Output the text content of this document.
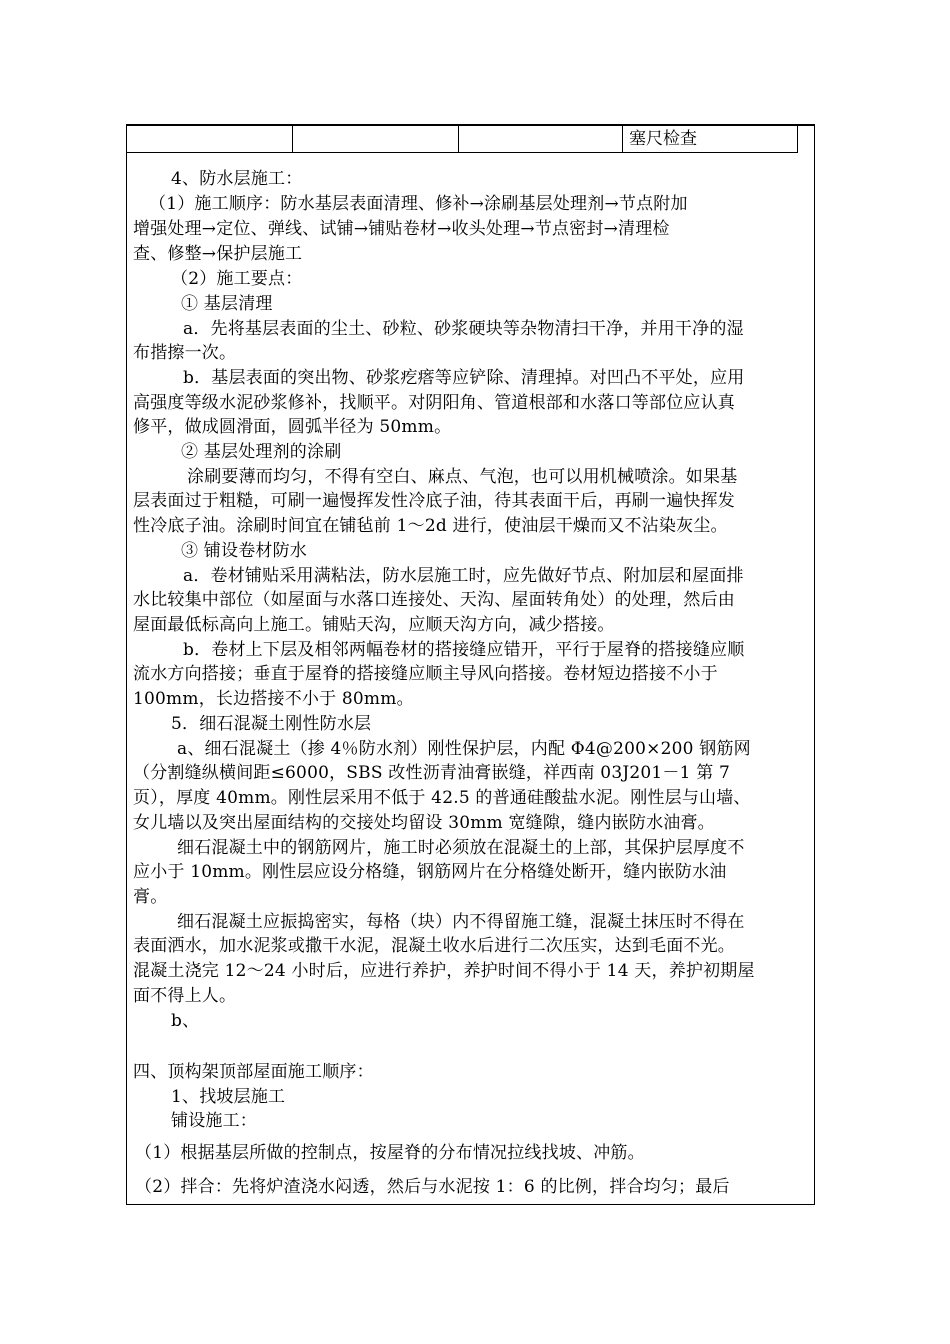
塞尺检查
4、防水层施工：
（1）施工顺序：防水基层表面清理、修补→涂刷基层处理剂→节点附加
增强处理→定位、弹线、试铺→铺贴卷材→收头处理→节点密封→清理检
查、修整→保护层施工
（2）施工要点：
① 基层清理
a．先将基层表面的尘土、砂粒、砂浆硬块等杂物清扫干净，并用干净的湿
布揩擦一次。
b．基层表面的突出物、砂浆疙瘩等应铲除、清理掉。对凹凸不平处，应用
高强度等级水泥砂浆修补，找顺平。对阴阳角、管道根部和水落口等部位应认真
修平，做成圆滑面，圆弧半径为 50mm。
② 基层处理剂的涂刷
涂刷要薄而均匀，不得有空白、麻点、气泡，也可以用机械喷涂。如果基
层表面过于粗糙，可刷一遍慢挥发性冷底子油，待其表面干后，再刷一遍快挥发
性冷底子油。涂刷时间宜在铺毡前 1～2d 进行，使油层干燥而又不沾染灰尘。
③ 铺设卷材防水
a．卷材铺贴采用满粘法，防水层施工时，应先做好节点、附加层和屋面排
水比较集中部位（如屋面与水落口连接处、天沟、屋面转角处）的处理，然后由
屋面最低标高向上施工。铺贴天沟，应顺天沟方向，减少搭接。
b．卷材上下层及相邻两幅卷材的搭接缝应错开，平行于屋脊的搭接缝应顺
流水方向搭接；垂直于屋脊的搭接缝应顺主导风向搭接。卷材短边搭接不小于
100mm，长边搭接不小于 80mm。
5．细石混凝土刚性防水层
a、细石混凝土（掺 4％防水剂）刚性保护层，内配 Φ4@200×200 钢筋网
（分割缝纵横间距≤6000，SBS 改性沥青油膏嵌缝，祥西南 03J201－1 第 7
页），厚度 40mm。刚性层采用不低于 42.5 的普通硅酸盐水泥。刚性层与山墙、
女儿墙以及突出屋面结构的交接处均留设 30mm 宽缝隙，缝内嵌防水油膏。
细石混凝土中的钢筋网片，施工时必须放在混凝土的上部，其保护层厚度不
应小于 10mm。刚性层应设分格缝，钢筋网片在分格缝处断开，缝内嵌防水油
膏。
细石混凝土应振捣密实，每格（块）内不得留施工缝，混凝土抹压时不得在
表面洒水，加水泥浆或撒干水泥，混凝土收水后进行二次压实，达到毛面不光。
混凝土浇完 12～24 小时后，应进行养护，养护时间不得小于 14 天，养护初期屋
面不得上人。
b、
四、顶构架顶部屋面施工顺序：
1、找坡层施工
铺设施工：
（1）根据基层所做的控制点，按屋脊的分布情况拉线找坡、冲筋。
（2）拌合：先将炉渣浇水闷透，然后与水泥按 1：6 的比例，拌合均匀；最后
